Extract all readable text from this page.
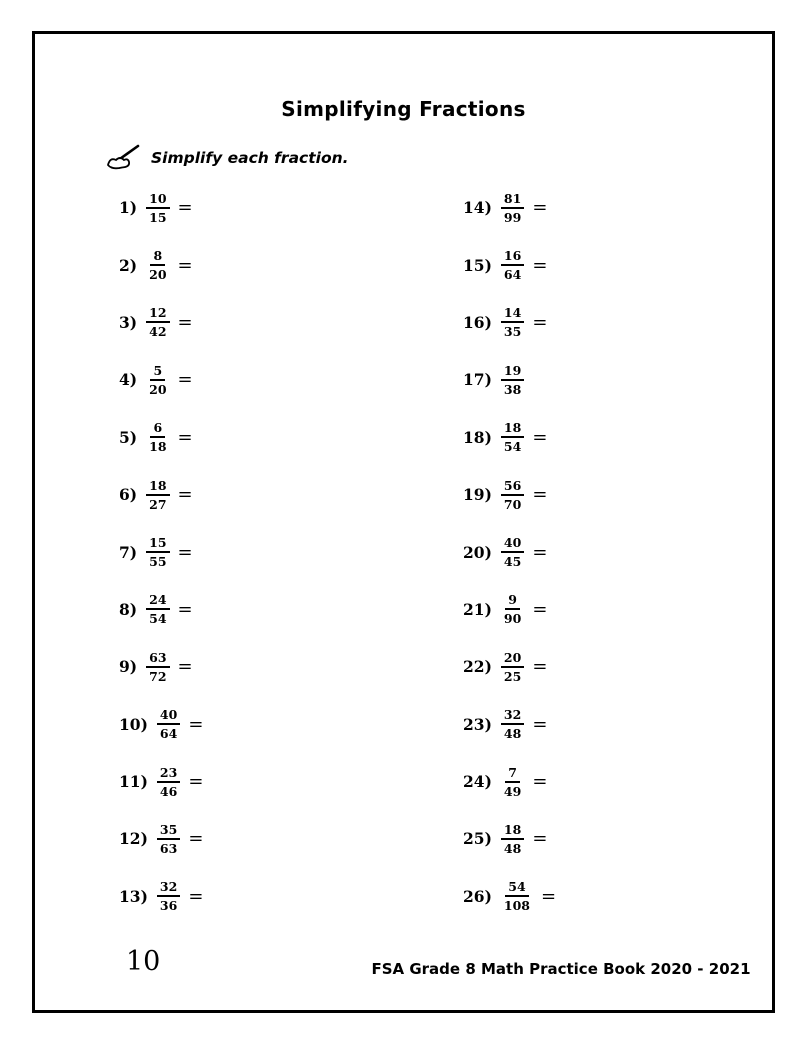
Simplifying Fractions
Simplify each fraction.
$1) \frac{10}{15}$ =
$2) \frac{8}{20}$ =
$3) \frac{12}{42}$ =
$4) \frac{5}{20}$ =
$5) \frac{6}{18}$ =
$6) \frac{18}{27}$ =
$7) \frac{15}{55}$ =
$8) \frac{24}{54}$ =
$9) \frac{63}{72}$ =
$10) \frac{40}{64}$ =
$11) \frac{23}{46}$ =
$12) \frac{35}{63}$ =
$13) \frac{32}{36}$ =
$14) \frac{81}{99}$ =
$15) \frac{16}{64}$ =
$16) \frac{14}{35}$ =
$17) \frac{19}{38}$
$18) \frac{18}{54}$ =
$19) \frac{56}{70}$ =
$20) \frac{40}{45}$ =
$21) \frac{9}{90}$ =
$22) \frac{20}{25}$ =
$23) \frac{32}{48}$ =
$24) \frac{7}{49}$ =
$25) \frac{18}{48}$ =
$26) \frac{54}{108}$ =
10	FSA Grade 8 Math Practice Book 2020 - 2021
